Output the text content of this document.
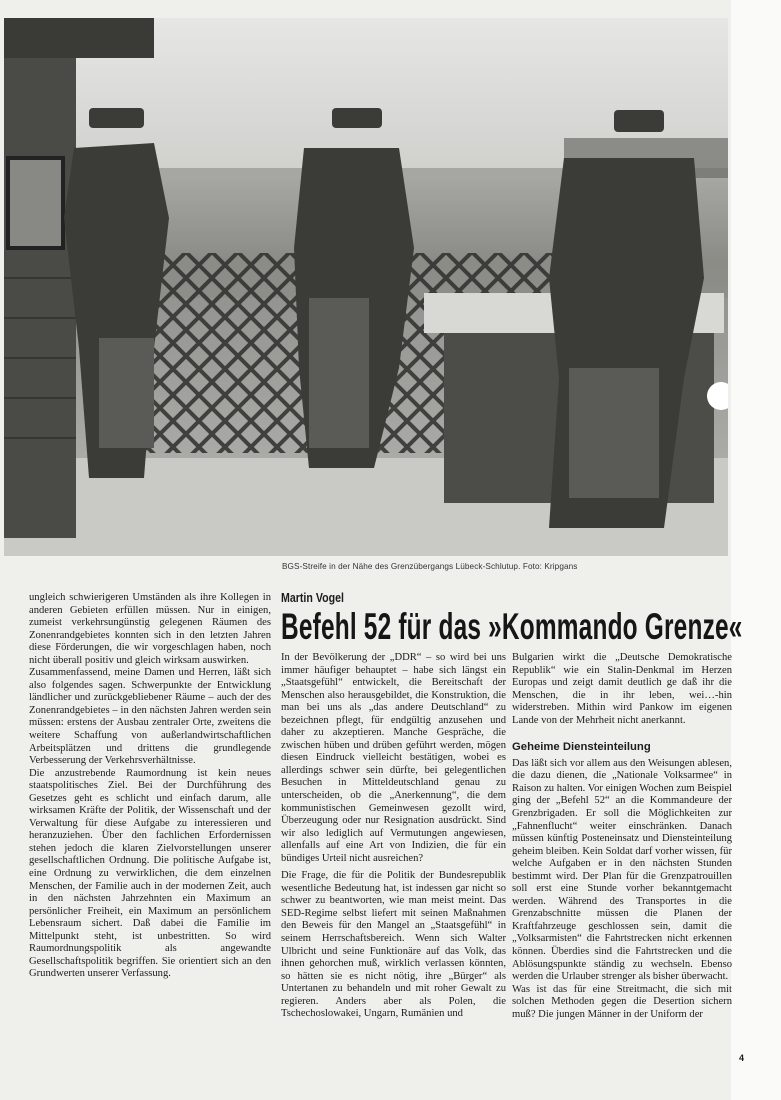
BGS-Streife in der Nähe des Grenzübergangs Lübeck-Schlutup. Foto: Kripgans

ungleich schwierigeren Umständen als ihre Kollegen in anderen Gebieten erfüllen müssen. Nur in einigen, zumeist verkehrsungünstig gelegenen Räumen des Zonenrandgebietes konnten sich in den letzten Jahren diese Förderungen, die wir vorgeschlagen haben, noch nicht überall positiv und gleich wirksam auswirken.

Zusammenfassend, meine Damen und Herren, läßt sich also folgendes sagen. Schwerpunkte der Entwicklung ländlicher und zurückgebliebener Räume – auch der des Zonenrandgebietes – in den nächsten Jahren werden sein müssen: erstens der Ausbau zentraler Orte, zweitens die weitere Schaffung von außerlandwirtschaftlichen Arbeitsplätzen und drittens die grundlegende Verbesserung der Verkehrsverhältnisse.

Die anzustrebende Raumordnung ist kein neues staatspolitisches Ziel. Bei der Durchführung des Gesetzes geht es schlicht und einfach darum, alle wirksamen Kräfte der Politik, der Wissenschaft und der Verwaltung für diese Aufgabe zu interessieren und heranzuziehen. Über den fachlichen Erfordernissen stehen jedoch die klaren Zielvorstellungen unserer gesellschaftlichen Ordnung. Die politische Aufgabe ist, eine Ordnung zu verwirklichen, die dem einzelnen Menschen, der Familie auch in der modernen Zeit, auch in den nächsten Jahrzehnten ein Maximum an persönlicher Freiheit, ein Maximum an persönlichem Lebensraum sichert. Daß dabei die Familie im Mittelpunkt steht, ist unbestritten. So wird Raumordnungspolitik als angewandte Gesellschaftspolitik begriffen. Sie orientiert sich an den Grundwerten unserer Verfassung.

Martin Vogel
Befehl 52 für das »Kommando Grenze«

In der Bevölkerung der „DDR“ – so wird bei uns immer häufiger behauptet – habe sich längst ein „Staatsgefühl“ entwickelt, die Bereitschaft der Menschen also herausgebildet, die Konstruktion, die man bei uns als „das andere Deutschland“ zu bezeichnen pflegt, für endgültig anzusehen und daher zu akzeptieren. Manche Gespräche, die zwischen hüben und drüben geführt werden, mögen diesen Eindruck vielleicht bestätigen, wobei es allerdings schwer sein dürfte, bei gelegentlichen Besuchen in Mitteldeutschland genau zu unterscheiden, ob die „Anerkennung“, die dem kommunistischen Gemeinwesen gezollt wird, Überzeugung oder nur Resignation ausdrückt. Sind wir also lediglich auf Vermutungen angewiesen, allenfalls auf eine Art von Indizien, die für ein bündiges Urteil nicht ausreichen?

Die Frage, die für die Politik der Bundesrepublik wesentliche Bedeutung hat, ist indessen gar nicht so schwer zu beantworten, wie man meist meint. Das SED-Regime selbst liefert mit seinen Maßnahmen den Beweis für den Mangel an „Staatsgefühl“ in seinem Herrschaftsbereich. Wenn sich Walter Ulbricht und seine Funktionäre auf das Volk, das ihnen gehorchen muß, wirklich verlassen könnten, so hätten sie es nicht nötig, ihre „Bürger“ als Untertanen zu behandeln und mit roher Gewalt zu regieren. Anders aber als Polen, die Tschechoslowakei, Ungarn, Rumänien und

Bulgarien wirkt die „Deutsche Demokratische Republik“ wie ein Stalin-Denkmal im Herzen Europas und zeigt damit deutlich ge daß ihr die Menschen, die in ihr leben, wei…-hin widerstreben. Mithin wird Pankow im eigenen Lande von der Mehrheit nicht anerkannt.

Geheime Diensteinteilung

Das läßt sich vor allem aus den Weisungen ablesen, die dazu dienen, die „Nationale Volksarmee“ in Raison zu halten. Vor einigen Wochen zum Beispiel ging der „Befehl 52“ an die Kommandeure der Grenzbrigaden. Er soll die Möglichkeiten zur „Fahnenflucht“ weiter einschränken. Danach müssen künftig Posteneinsatz und Diensteinteilung geheim bleiben. Kein Soldat darf vorher wissen, für welche Aufgaben er in den nächsten Stunden bestimmt wird. Der Plan für die Grenzpatrouillen soll erst eine Stunde vorher bekanntgemacht werden. Während des Transportes in die Grenzabschnitte müssen die Planen der Kraftfahrzeuge geschlossen sein, damit die „Volksarmisten“ die Fahrtstrecken nicht erkennen können. Überdies sind die Fahrtstrecken und die Ablösungspunkte ständig zu wechseln. Ebenso werden die Urlauber strenger als bisher überwacht.

Was ist das für eine Streitmacht, die sich mit solchen Methoden gegen die Desertion sichern muß? Die jungen Männer in der Uniform der

4
